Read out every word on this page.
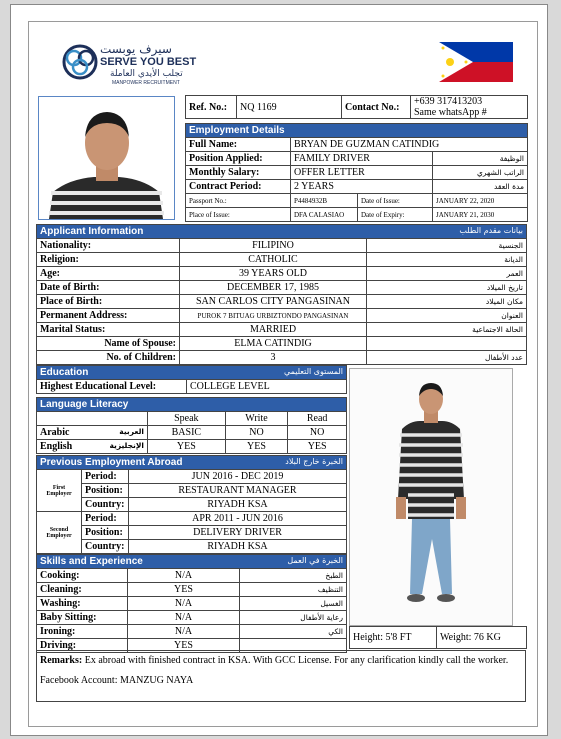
سيرف يوبست
SERVE YOU BEST
تجلب الأيدي العاملة
MANPOWER RECRUITMENT
Ref. No.:	NQ 1169	Contact No.:	+639 317413203
Same whatsApp #
Employment Details			
Full Name:	BRYAN DE GUZMAN CATINDIG		
Position Applied:	FAMILY DRIVER		الوظيفة
Monthly Salary:	OFFER LETTER		الراتب الشهري
Contract Period:	2 YEARS		مدة العقد
Passport No.:	P4484932B	Date of Issue:	JANUARY 22, 2020
Place of Issue:	DFA CALASIAO	Date of Expiry:	JANUARY 21, 2030
Applicant Information بيانات مقدم الطلب		

Nationality:	FILIPINO	الجنسية
Religion:	CATHOLIC	الديانة
Age:	39 YEARS OLD	العمر
Date of Birth:	DECEMBER 17, 1985	تاريخ الميلاد
Place of Birth:	SAN CARLOS CITY PANGASINAN	مكان الميلاد
Permanent Address:	PUROK 7 BITUAG URBIZTONDO PANGASINAN	العنوان
Marital Status:	MARRIED	الحالة الاجتماعية
Name of Spouse:	ELMA CATINDIG	
No. of Children:	3	عدد الأطفال
Education	المستوى التعليمي

Highest Educational Level:	COLLEGE LEVEL
Language Literacy			
	Speak	Write	Read
Arabic العربية	BASIC	NO	NO
English الإنجليزية	YES	YES	YES
Previous Employment Abroad الخبرة خارج البلاد		

First Employer	Period:	JUN 2016 - DEC 2019
	Position:	RESTAURANT MANAGER
	Country:	RIYADH KSA
Second Employer	Period:	APR 2011 - JUN 2016
	Position:	DELIVERY DRIVER
	Country:	RIYADH KSA
Skills and Experience الخبرة في العمل		

Cooking:	N/A	الطبخ
Cleaning:	YES	التنظيف
Washing:	N/A	الغسيل
Baby Sitting:	N/A	رعاية الأطفال
Ironing:	N/A	الكي
Driving:	YES	
Height: 5'8 FT	Weight: 76 KG
Remarks: Ex abroad with finished contract in KSA. With GCC License. For any clarification kindly call the worker.
Facebook Account: MANZUG NAYA
